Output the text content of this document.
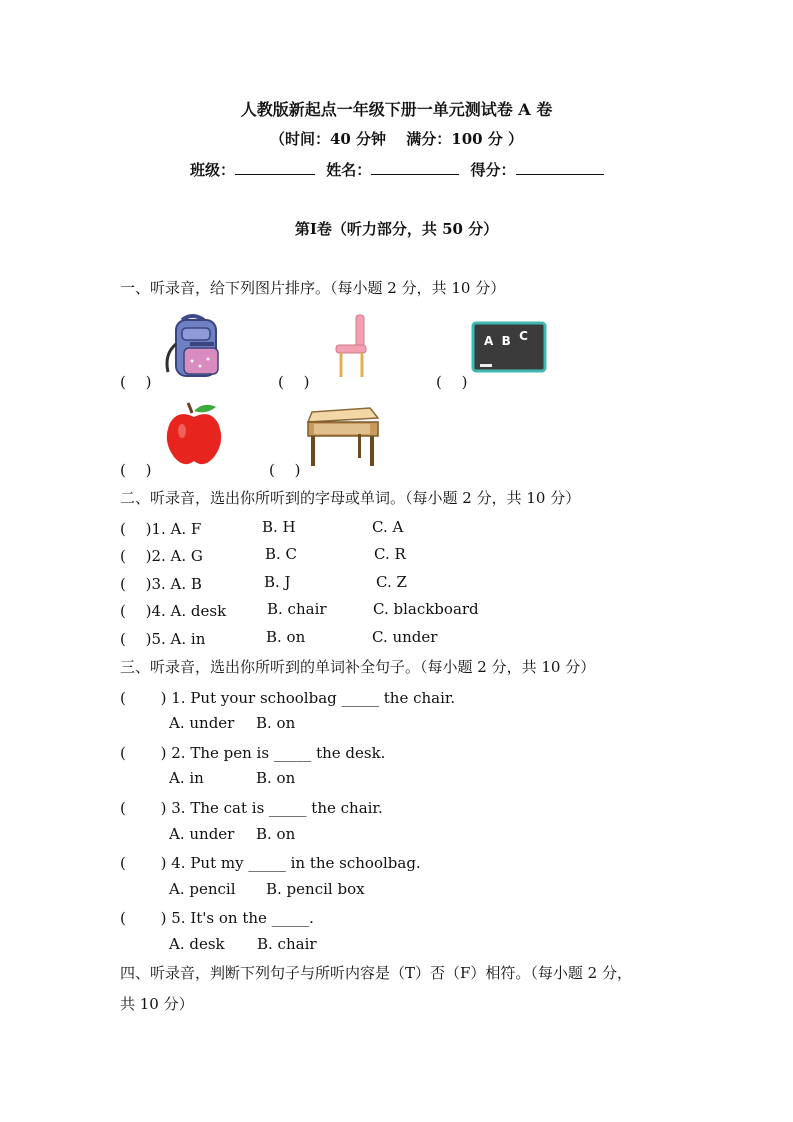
人教版新起点一年级下册一单元测试卷 A 卷
（时间：40 分钟　 满分：100 分 ）
班级：	姓名：	得分：
第Ⅰ卷（听力部分，共 50 分）
一、听录音，给下列图片排序。（每小题 2 分，共 10 分）
A B C
(　 )	(　 )	(　 )
(　 )	(　 )
二、听录音，选出你所听到的字母或单词。（每小题 2 分，共 10 分）
(　 )1. A. F	B. H	C. A
(　 )2. A. G	B. C	C. R
(　 )3. A. B	B. J	C. Z
(　 )4. A. desk	B. chair	C. blackboard
(　 )5. A. in	B. on	C. under
三、听录音，选出你所听到的单词补全句子。（每小题 2 分，共 10 分）
(　　 ) 1. Put your schoolbag _____ the chair.
A. under B. on
(　　 ) 2. The pen is _____ the desk.
A. in	B. on
(　　 ) 3. The cat is _____ the chair.
A. under B. on
(　　 ) 4. Put my _____ in the schoolbag.
A. pencil B. pencil box
(　　 ) 5. It's on the _____.
A. desk B. chair
四、听录音，判断下列句子与所听内容是（T）否（F）相符。（每小题 2 分，
共 10 分）
